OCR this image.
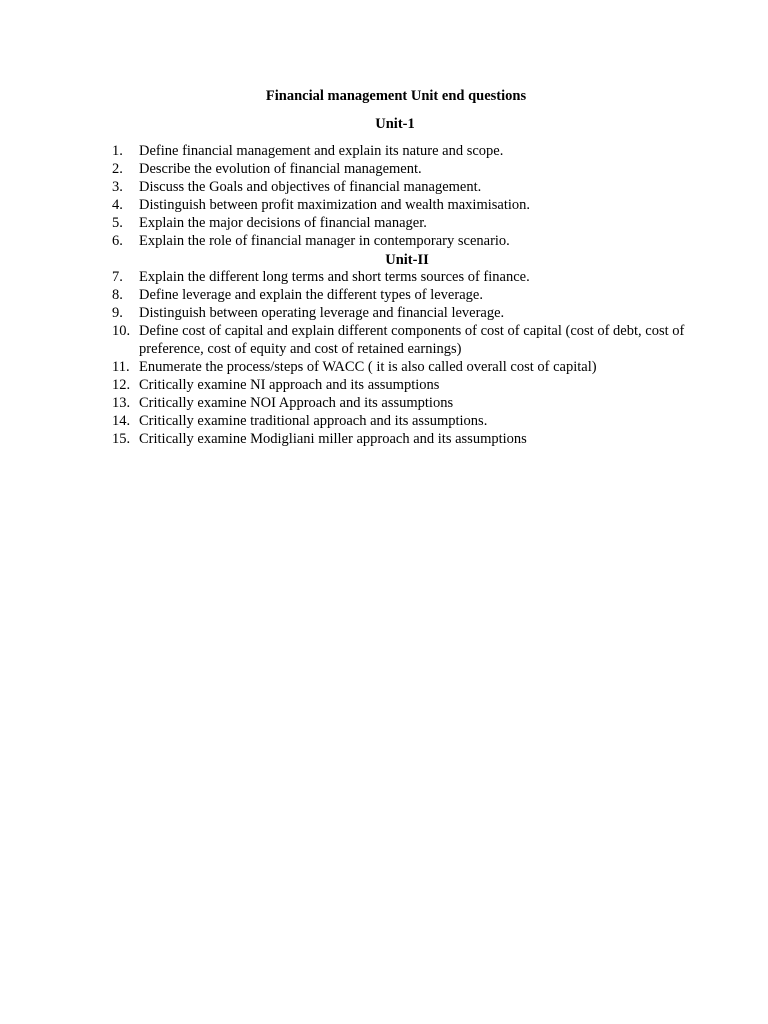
Financial management Unit end questions
Unit-1
1. Define financial management and explain its nature and scope.
2. Describe the evolution of financial management.
3. Discuss the Goals and objectives of financial management.
4. Distinguish between profit maximization and wealth maximisation.
5. Explain the major decisions of financial manager.
6. Explain the role of financial manager in contemporary scenario.
Unit-II
7. Explain the different long terms and short terms sources of finance.
8. Define leverage and explain the different types of leverage.
9. Distinguish between operating leverage and financial leverage.
10. Define cost of capital and explain different components of cost of capital (cost of debt, cost of preference, cost of equity and cost of retained earnings)
11. Enumerate the process/steps of WACC ( it is also called overall cost of capital)
12. Critically examine NI approach and its assumptions
13. Critically examine NOI Approach and its assumptions
14. Critically examine traditional approach and its assumptions.
15. Critically examine Modigliani miller approach and its assumptions
